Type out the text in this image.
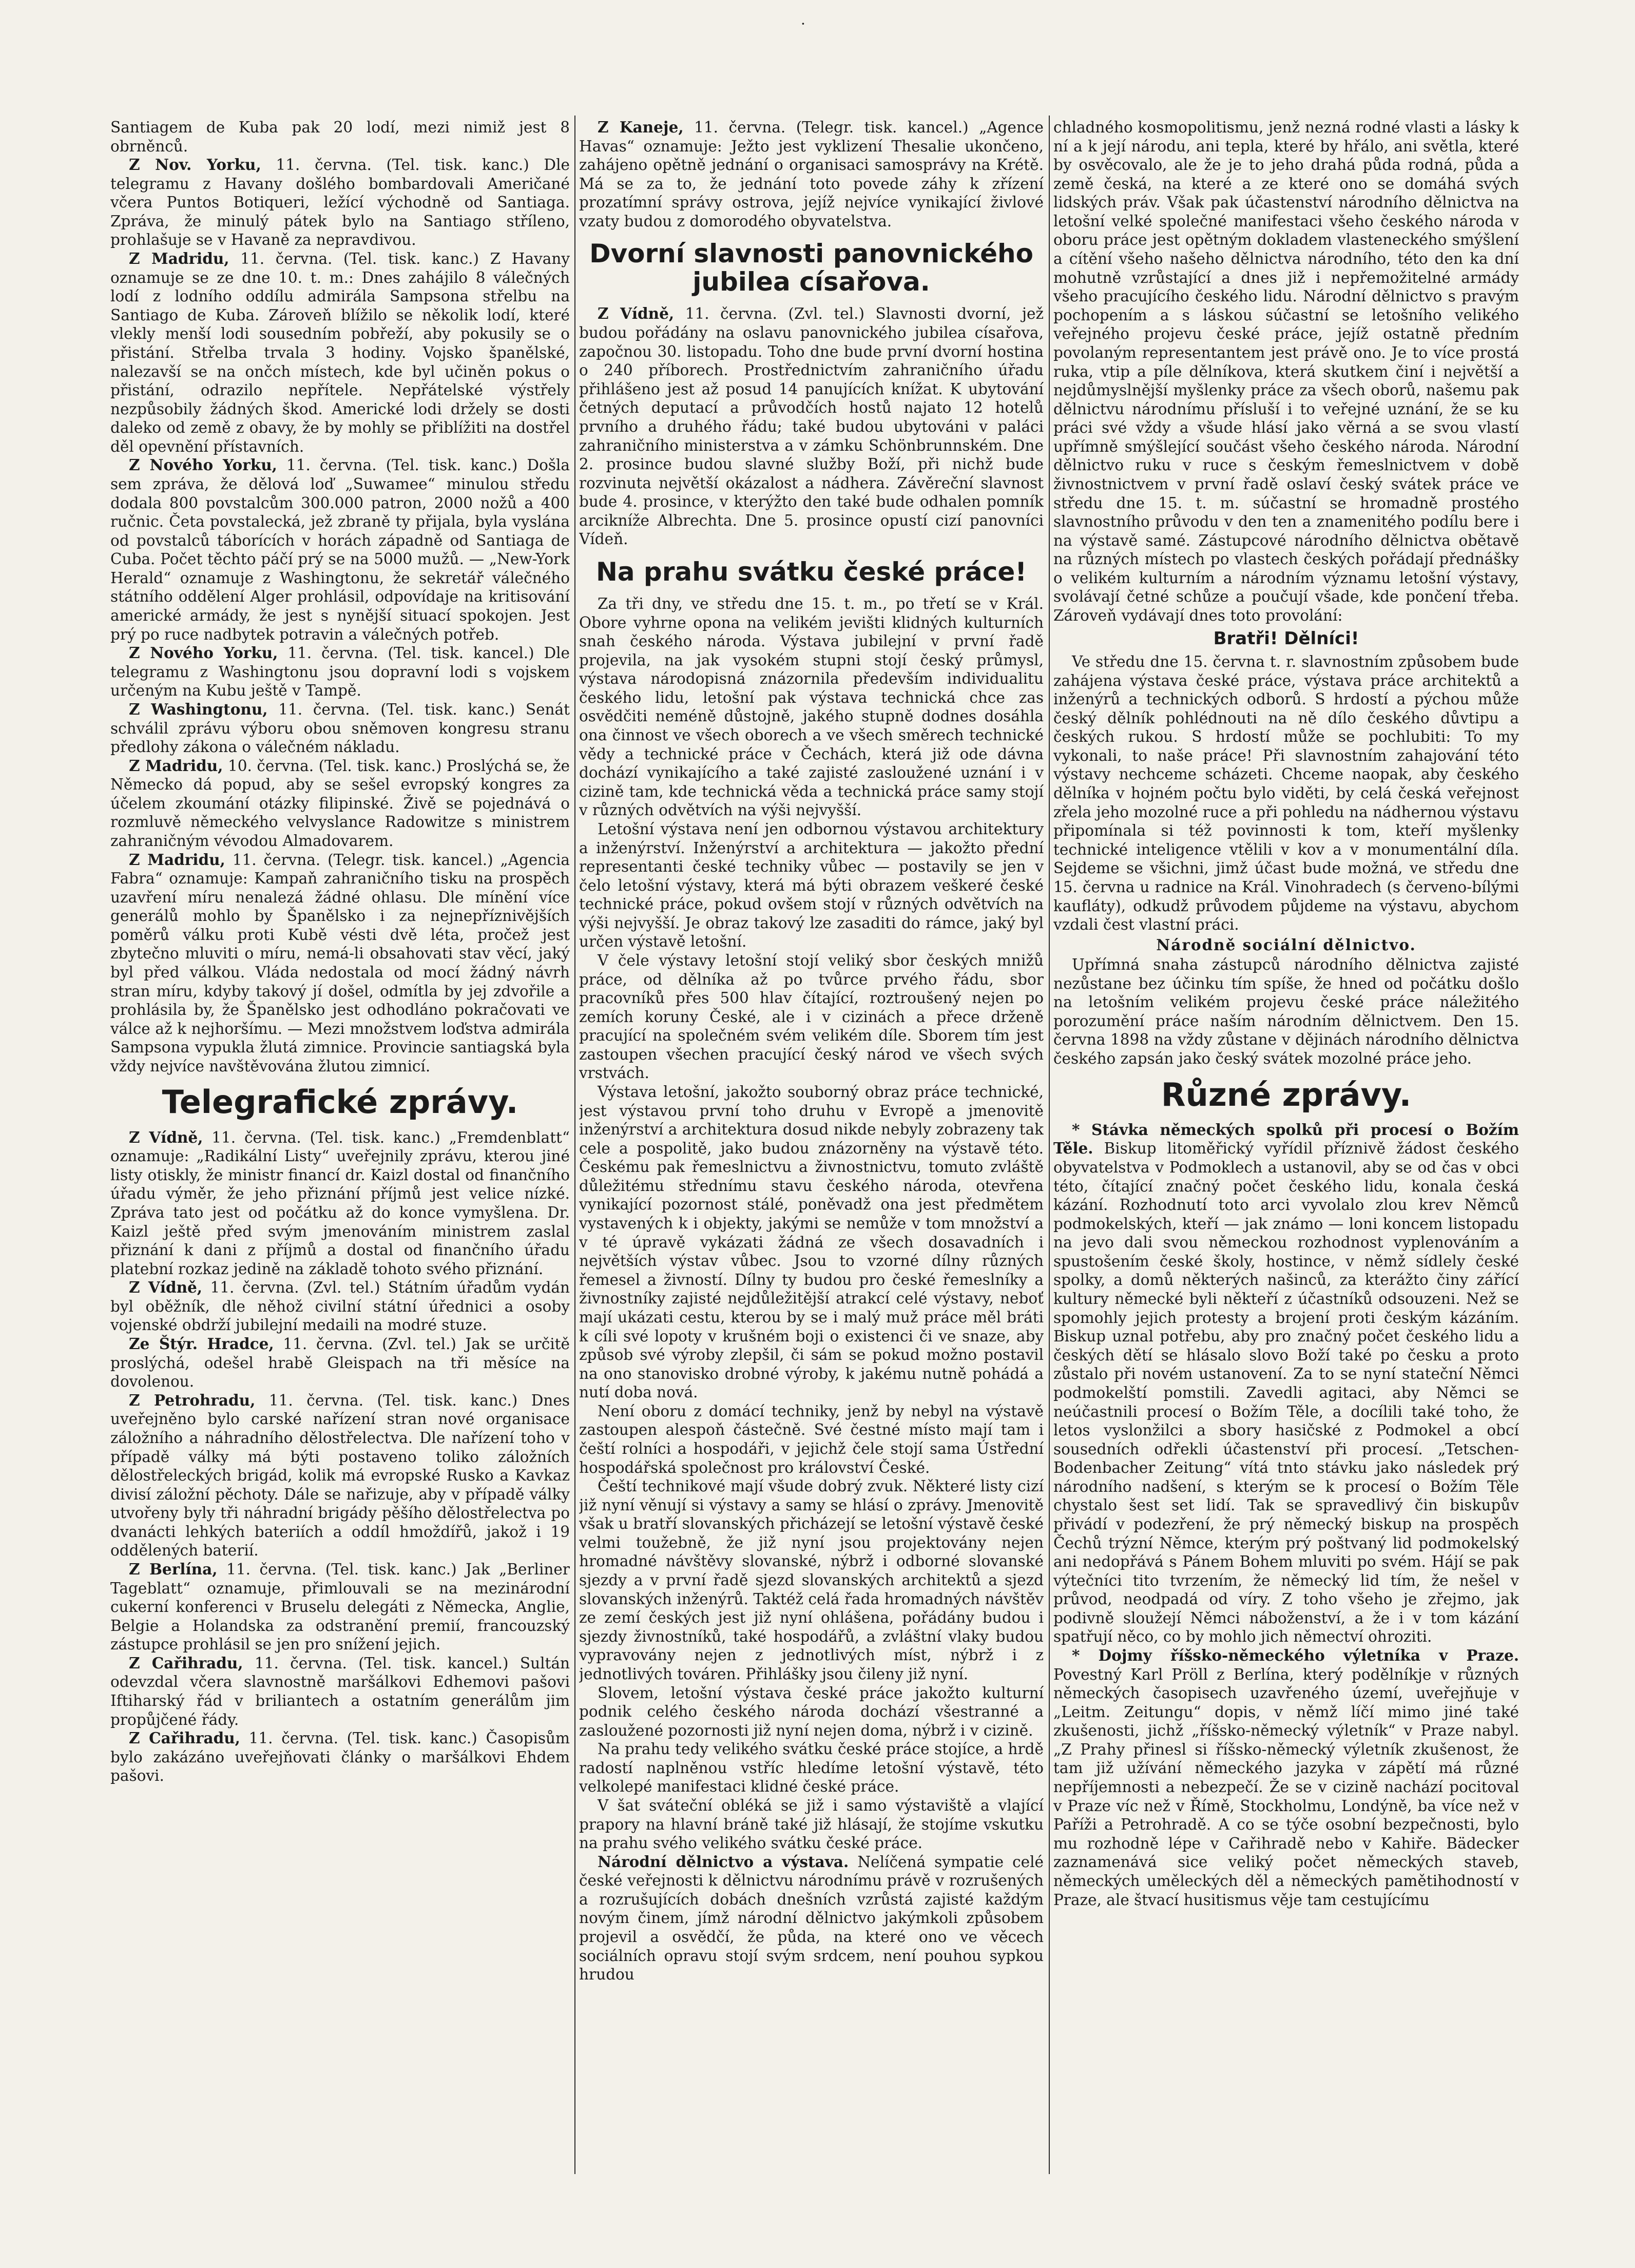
·

Santiagem de Kuba pak 20 lodí, mezi nimiž jest 8 obrněnců.

Z Nov. Yorku, 11. června. (Tel. tisk. kanc.) Dle telegramu z Havany došlého bombardovali Američané včera Puntos Botiqueri, ležící východně od Santiaga. Zpráva, že minulý pátek bylo na Santiago stříleno, prohlašuje se v Havaně za nepravdivou.

Z Madridu, 11. června. (Tel. tisk. kanc.) Z Havany oznamuje se ze dne 10. t. m.: Dnes zahájilo 8 válečných lodí z lodního oddílu admirála Sampsona střelbu na Santiago de Kuba. Zároveň blížilo se několik lodí, které vlekly menší lodi sousedním pobřeží, aby pokusily se o přistání. Střelba trvala 3 hodiny. Vojsko španělské, nalezavší se na ončch místech, kde byl učiněn pokus o přistání, odrazilo nepřítele. Nepřátelské výstřely nezpůsobily žádných škod. Americké lodi držely se dosti daleko od země z obavy, že by mohly se přiblížiti na dostřel děl opevnění přístavních.

Z Nového Yorku, 11. června. (Tel. tisk. kanc.) Došla sem zpráva, že dělová loď „Suwamee“ minulou středu dodala 800 povstalcům 300.000 patron, 2000 nožů a 400 ručnic. Četa povstalecká, jež zbraně ty přijala, byla vyslána od povstalců táborících v horách západně od Santiaga de Cuba. Počet těchto páčí prý se na 5000 mužů. — „New-York Herald“ oznamuje z Washingtonu, že sekretář válečného státního oddělení Alger prohlásil, odpovídaje na kritisování americké armády, že jest s nynější situací spokojen. Jest prý po ruce nadbytek potravin a válečných potřeb.

Z Nového Yorku, 11. června. (Tel. tisk. kancel.) Dle telegramu z Washingtonu jsou dopravní lodi s vojskem určeným na Kubu ještě v Tampě.

Z Washingtonu, 11. června. (Tel. tisk. kanc.) Senát schválil zprávu výboru obou sněmoven kongresu stranu předlohy zákona o válečném nákladu.

Z Madridu, 10. června. (Tel. tisk. kanc.) Proslýchá se, že Německo dá popud, aby se sešel evropský kongres za účelem zkoumání otázky filipinské. Živě se pojednává o rozmluvě německého velvyslance Radowitze s ministrem zahraničným vévodou Almadovarem.

Z Madridu, 11. června. (Telegr. tisk. kancel.) „Agencia Fabra“ oznamuje: Kampaň zahraničního tisku na prospěch uzavření míru nenalezá žádné ohlasu. Dle mínění více generálů mohlo by Španělsko i za nejnepříznivějších poměrů válku proti Kubě vésti dvě léta, pročež jest zbytečno mluviti o míru, nemá-li obsahovati stav věcí, jaký byl před válkou. Vláda nedostala od mocí žádný návrh stran míru, kdyby takový jí došel, odmítla by jej zdvořile a prohlásila by, že Španělsko jest odhodláno pokračovati ve válce až k nejhoršímu. — Mezi množstvem loďstva admirála Sampsona vypukla žlutá zimnice. Provincie santiagská byla vždy nejvíce navštěvována žlutou zimnicí.

Telegrafické zprávy.

Z Vídně, 11. června. (Tel. tisk. kanc.) „Fremdenblatt“ oznamuje: „Radikální Listy“ uveřejnily zprávu, kterou jiné listy otiskly, že ministr financí dr. Kaizl dostal od finančního úřadu výměr, že jeho přiznání příjmů jest velice nízké. Zpráva tato jest od počátku až do konce vymyšlena. Dr. Kaizl ještě před svým jmenováním ministrem zaslal přiznání k dani z příjmů a dostal od finančního úřadu platební rozkaz jedině na základě tohoto svého přiznání.

Z Vídně, 11. června. (Zvl. tel.) Státním úřadům vydán byl oběžník, dle něhož civilní státní úřednici a osoby vojenské obdrží jubilejní medaili na modré stuze.

Ze Štýr. Hradce, 11. června. (Zvl. tel.) Jak se určitě proslýchá, odešel hrabě Gleispach na tři měsíce na dovolenou.

Z Petrohradu, 11. června. (Tel. tisk. kanc.) Dnes uveřejněno bylo carské nařízení stran nové organisace záložního a náhradního dělostřelectva. Dle nařízení toho v případě války má býti postaveno toliko záložních dělostřeleckých brigád, kolik má evropské Rusko a Kavkaz divisí záložní pěchoty. Dále se nařizuje, aby v případě války utvořeny byly tři náhradní brigády pěšího dělostřelectva po dvanácti lehkých bateriích a oddíl hmoždířů, jakož i 19 oddělených baterií.

Z Berlína, 11. června. (Tel. tisk. kanc.) Jak „Berliner Tageblatt“ oznamuje, přimlouvali se na mezinárodní cukerní konferenci v Bruselu delegáti z Německa, Anglie, Belgie a Holandska za odstranění premií, francouzský zástupce prohlásil se jen pro snížení jejich.

Z Cařihradu, 11. června. (Tel. tisk. kancel.) Sultán odevzdal včera slavnostně maršálkovi Edhemovi pašovi Iftiharský řád v briliantech a ostatním generálům jim propůjčené řády.

Z Cařihradu, 11. června. (Tel. tisk. kanc.) Časopisům bylo zakázáno uveřejňovati články o maršálkovi Ehdem pašovi.

Z Kaneje, 11. června. (Telegr. tisk. kancel.) „Agence Havas“ oznamuje: Ježto jest vyklizení Thesalie ukončeno, zahájeno opětně jednání o organisaci samosprávy na Krétě. Má se za to, že jednání toto povede záhy k zřízení prozatímní správy ostrova, jejíž nejvíce vynikající živlové vzaty budou z domorodého obyvatelstva.

Dvorní slavnosti panovnického jubilea císařova.

Z Vídně, 11. června. (Zvl. tel.) Slavnosti dvorní, jež budou pořádány na oslavu panovnického jubilea císařova, započnou 30. listopadu. Toho dne bude první dvorní hostina o 240 příborech. Prostřednictvím zahraničního úřadu přihlášeno jest až posud 14 panujících knížat. K ubytování četných deputací a průvodčích hostů najato 12 hotelů prvního a druhého řádu; také budou ubytováni v paláci zahraničního ministerstva a v zámku Schönbrunnském. Dne 2. prosince budou slavné služby Boží, při nichž bude rozvinuta největší okázalost a nádhera. Závěreční slavnost bude 4. prosince, v kterýžto den také bude odhalen pomník arcikníže Albrechta. Dne 5. prosince opustí cizí panovníci Vídeň.

Na prahu svátku české práce!

Za tři dny, ve středu dne 15. t. m., po třetí se v Král. Obore vyhrne opona na velikém jevišti klidných kulturních snah českého národa. Výstava jubilejní v první řadě projevila, na jak vysokém stupni stojí český průmysl, výstava národopisná znázornila především individualitu českého lidu, letošní pak výstava technická chce zas osvědčiti neméně důstojně, jakého stupně dodnes dosáhla ona činnost ve všech oborech a ve všech směrech technické vědy a technické práce v Čechách, která již ode dávna dochází vynikajícího a také zajisté zasloužené uznání i v cizině tam, kde technická věda a technická práce samy stojí v různých odvětvích na výši nejvyšší.

Letošní výstava není jen odbornou výstavou architektury a inženýrství. Inženýrství a architektura — jakožto přední representanti české techniky vůbec — postavily se jen v čelo letošní výstavy, která má býti obrazem veškeré české technické práce, pokud ovšem stojí v různých odvětvích na výši nejvyšší. Je obraz takový lze zasaditi do rámce, jaký byl určen výstavě letošní.

V čele výstavy letošní stojí veliký sbor českých mnižů práce, od dělníka až po tvůrce prvého řádu, sbor pracovníků přes 500 hlav čítající, roztroušený nejen po zemích koruny České, ale i v cizinách a přece drženě pracující na společném svém velikém díle. Sborem tím jest zastoupen všechen pracující český národ ve všech svých vrstvách.

Výstava letošní, jakožto souborný obraz práce technické, jest výstavou první toho druhu v Evropě a jmenovitě inženýrství a architektura dosud nikde nebyly zobrazeny tak cele a pospolitě, jako budou znázorněny na výstavě této. Českému pak řemeslnictvu a živnostnictvu, tomuto zvláště důležitému střednímu stavu českého národa, otevřena vynikající pozornost stálé, poněvadž ona jest předmětem vystavených k i objekty, jakými se nemůže v tom množství a v té úpravě vykázati žádná ze všech dosavadních i největších výstav vůbec. Jsou to vzorné dílny různých řemesel a živností. Dílny ty budou pro české řemeslníky a živnostníky zajisté nejdůležitější atrakcí celé výstavy, neboť mají ukázati cestu, kterou by se i malý muž práce měl bráti k cíli své lopoty v krušném boji o existenci či ve snaze, aby způsob své výroby zlepšil, či sám se pokud možno postavil na ono stanovisko drobné výroby, k jakému nutně pohádá a nutí doba nová.

Není oboru z domácí techniky, jenž by nebyl na výstavě zastoupen alespoň částečně. Své čestné místo mají tam i čeští rolníci a hospodáři, v jejichž čele stojí sama Ústřední hospodářská společnost pro království České.

Čeští technikové mají všude dobrý zvuk. Některé listy cizí již nyní věnují si výstavy a samy se hlásí o zprávy. Jmenovitě však u bratří slovanských přicházejí se letošní výstavě české velmi toužebně, že již nyní jsou projektovány nejen hromadné návštěvy slovanské, nýbrž i odborné slovanské sjezdy a v první řadě sjezd slovanských architektů a sjezd slovanských inženýrů. Taktéž celá řada hromadných návštěv ze zemí českých jest již nyní ohlášena, pořádány budou i sjezdy živnostníků, také hospodářů, a zvláštní vlaky budou vypravovány nejen z jednotlivých míst, nýbrž i z jednotlivých továren. Přihlášky jsou čileny již nyní.

Slovem, letošní výstava české práce jakožto kulturní podnik celého českého národa dochází všestranné a zasloužené pozornosti již nyní nejen doma, nýbrž i v cizině.

Na prahu tedy velikého svátku české práce stojíce, a hrdě radostí naplněnou vstříc hledíme letošní výstavě, této velkolepé manifestaci klidné české práce.

V šat sváteční obléká se již i samo výstaviště a vlající prapory na hlavní bráně také již hlásají, že stojíme vskutku na prahu svého velikého svátku české práce.

Národní dělnictvo a výstava. Nelíčená sympatie celé české veřejnosti k dělnictvu národnímu právě v rozrušených a rozrušujících dobách dnešních vzrůstá zajisté každým novým činem, jímž národní dělnictvo jakýmkoli způsobem projevil a osvědčí, že půda, na které ono ve věcech sociálních opravu stojí svým srdcem, není pouhou sypkou hrudou

chladného kosmopolitismu, jenž nezná rodné vlasti a lásky k ní a k její národu, ani tepla, které by hřálo, ani světla, které by osvěcovalo, ale že je to jeho drahá půda rodná, půda a země česká, na které a ze které ono se domáhá svých lidských práv. Však pak účastenství národního dělnictva na letošní velké společné manifestaci všeho českého národa v oboru práce jest opětným dokladem vlasteneckého smýšlení a cítění všeho našeho dělnictva národního, této den ka dní mohutně vzrůstající a dnes již i nepřemožitelné armády všeho pracujícího českého lidu. Národní dělnictvo s pravým pochopením a s láskou súčastní se letošního velikého veřejného projevu české práce, jejíž ostatně předním povolaným representantem jest právě ono. Je to více prostá ruka, vtip a píle dělníkova, která skutkem činí i největší a nejdůmyslnější myšlenky práce za všech oborů, našemu pak dělnictvu národnímu přísluší i to veřejné uznání, že se ku práci své vždy a všude hlásí jako věrná a se svou vlastí upřímně smýšlející součást všeho českého národa. Národní dělnictvo ruku v ruce s českým řemeslnictvem v době živnostnictvem v první řadě oslaví český svátek práce ve středu dne 15. t. m. súčastní se hromadně prostého slavnostního průvodu v den ten a znamenitého podílu bere i na výstavě samé. Zástupcové národního dělnictva obětavě na různých místech po vlastech českých pořádají přednášky o velikém kulturním a národním významu letošní výstavy, svolávají četné schůze a poučují všade, kde pončení třeba. Zároveň vydávají dnes toto provolání:

Bratři! Dělníci!

Ve středu dne 15. června t. r. slavnostním způsobem bude zahájena výstava české práce, výstava práce architektů a inženýrů a technických odborů. S hrdostí a pýchou může český dělník pohlédnouti na ně dílo českého důvtipu a českých rukou. S hrdostí může se pochlubiti: To my vykonali, to naše práce! Při slavnostním zahajování této výstavy nechceme scházeti. Chceme naopak, aby českého dělníka v hojném počtu bylo viděti, by celá česká veřejnost zřela jeho mozolné ruce a při pohledu na nádhernou výstavu připomínala si též povinnosti k tom, kteří myšlenky technické inteligence vtělili v kov a v monumentální díla. Sejdeme se všichni, jimž účast bude možná, ve středu dne 15. června u radnice na Král. Vinohradech (s červeno-bílými kaufláty), odkudž průvodem půjdeme na výstavu, abychom vzdali čest vlastní práci.

Národně sociální dělnictvo.

Upřímná snaha zástupců národního dělnictva zajisté nezůstane bez účinku tím spíše, že hned od počátku došlo na letošním velikém projevu české práce náležitého porozumění práce naším národním dělnictvem. Den 15. června 1898 na vždy zůstane v dějinách národního dělnictva českého zapsán jako český svátek mozolné práce jeho.

Různé zprávy.

* Stávka německých spolků při procesí o Božím Těle. Biskup litoměřický vyřídil příznivě žádost českého obyvatelstva v Podmoklech a ustanovil, aby se od čas v obci této, čítající značný počet českého lidu, konala česká kázání. Rozhodnutí toto arci vyvolalo zlou krev Němců podmokelských, kteří — jak známo — loni koncem listopadu na jevo dali svou německou rozhodnost vyplenováním a spustošením české školy, hostince, v němž sídlely české spolky, a domů některých našinců, za kterážto činy zářící kultury německé byli někteří z účastníků odsouzeni. Než se spomohly jejich protesty a brojení proti českým kázáním. Biskup uznal potřebu, aby pro značný počet českého lidu a českých dětí se hlásalo slovo Boží také po česku a proto zůstalo při novém ustanovení. Za to se nyní stateční Němci podmokelští pomstili. Zavedli agitaci, aby Němci se neúčastnili procesí o Božím Těle, a docílili také toho, že letos vyslonžilci a sbory hasičské z Podmokel a obcí sousedních odřekli účastenství při procesí. „Tetschen-Bodenbacher Zeitung“ vítá tnto stávku jako následek prý národního nadšení, s kterým se k procesí o Božím Těle chystalo šest set lidí. Tak se spravedlivý čin biskupův přivádí v podezření, že prý německý biskup na prospěch Čechů trýzní Němce, kterým prý poštvaný lid podmokelský ani nedopřává s Pánem Bohem mluviti po svém. Hájí se pak výtečníci tito tvrzením, že německý lid tím, že nešel v průvod, neodpadá od víry. Z toho všeho je zřejmo, jak podivně sloužejí Němci náboženství, a že i v tom kázání spatřují něco, co by mohlo jich němectví ohroziti.

* Dojmy říšsko-německého výletníka v Praze. Povestný Karl Pröll z Berlína, který podělníkje v různých německých časopisech uzavřeného území, uveřejňuje v „Leitm. Zeitungu“ dopis, v němž líčí mimo jiné také zkušenosti, jichž „říšsko-německý výletník“ v Praze nabyl. „Z Prahy přinesl si říšsko-německý výletník zkušenost, že tam již užívání německého jazyka v zápětí má různé nepříjemnosti a nebezpečí. Že se v cizině nachází pocitoval v Praze víc než v Římě, Stockholmu, Londýně, ba více než v Paříži a Petrohradě. A co se týče osobní bezpečnosti, bylo mu rozhodně lépe v Cařihradě nebo v Kahiře. Bädecker zaznamenává sice veliký počet německých staveb, německých uměleckých děl a německých pamětihodností v Praze, ale štvací husitismus věje tam cestujícímu
